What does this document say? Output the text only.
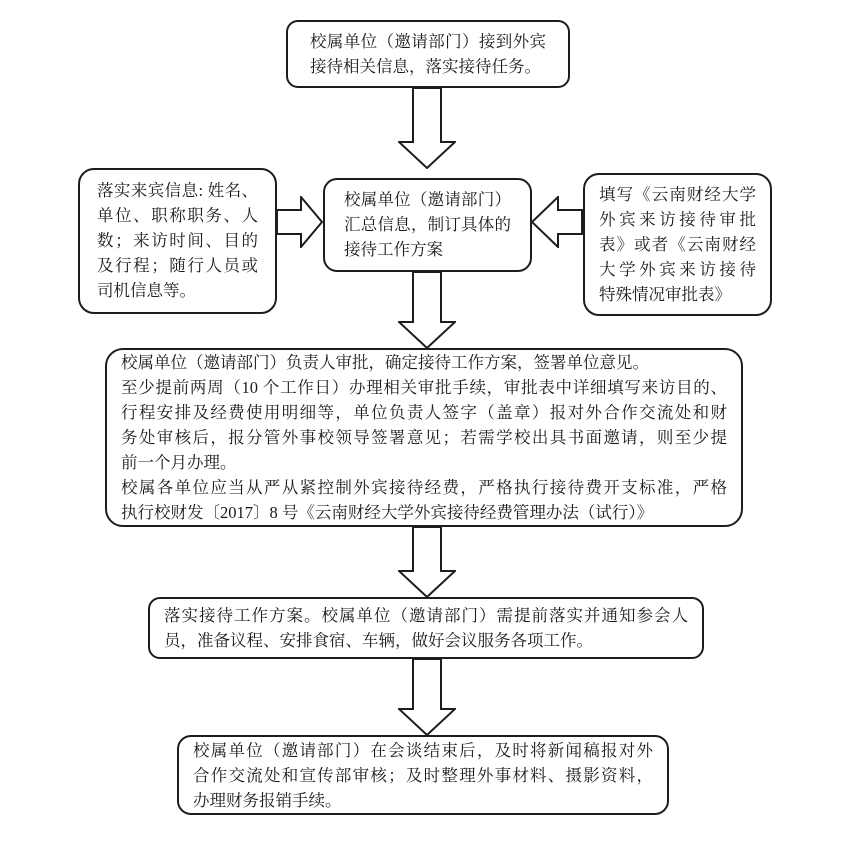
校属单位（邀请部门）接到外宾
接待相关信息，落实接待任务。
落实来宾信息: 姓名、
单位、职称职务、人
数；来访时间、目的
及行程；随行人员或
司机信息等。
校属单位（邀请部门）
汇总信息，制订具体的
接待工作方案
填写《云南财经大学
外宾来访接待审批
表》或者《云南财经
大学外宾来访接待
特殊情况审批表》

校属单位（邀请部门）负责人审批，确定接待工作方案，签署单位意见。

至少提前两周（10 个工作日）办理相关审批手续，审批表中详细填写来访目的、
行程安排及经费使用明细等，单位负责人签字（盖章）报对外合作交流处和财
务处审核后，报分管外事校领导签署意见；若需学校出具书面邀请，则至少提
前一个月办理。

校属各单位应当从严从紧控制外宾接待经费，严格执行接待费开支标准，严格
执行校财发〔2017〕8 号《云南财经大学外宾接待经费管理办法（试行）》

落实接待工作方案。校属单位（邀请部门）需提前落实并通知参会人
员，准备议程、安排食宿、车辆，做好会议服务各项工作。
校属单位（邀请部门）在会谈结束后，及时将新闻稿报对外
合作交流处和宣传部审核；及时整理外事材料、摄影资料，
办理财务报销手续。
